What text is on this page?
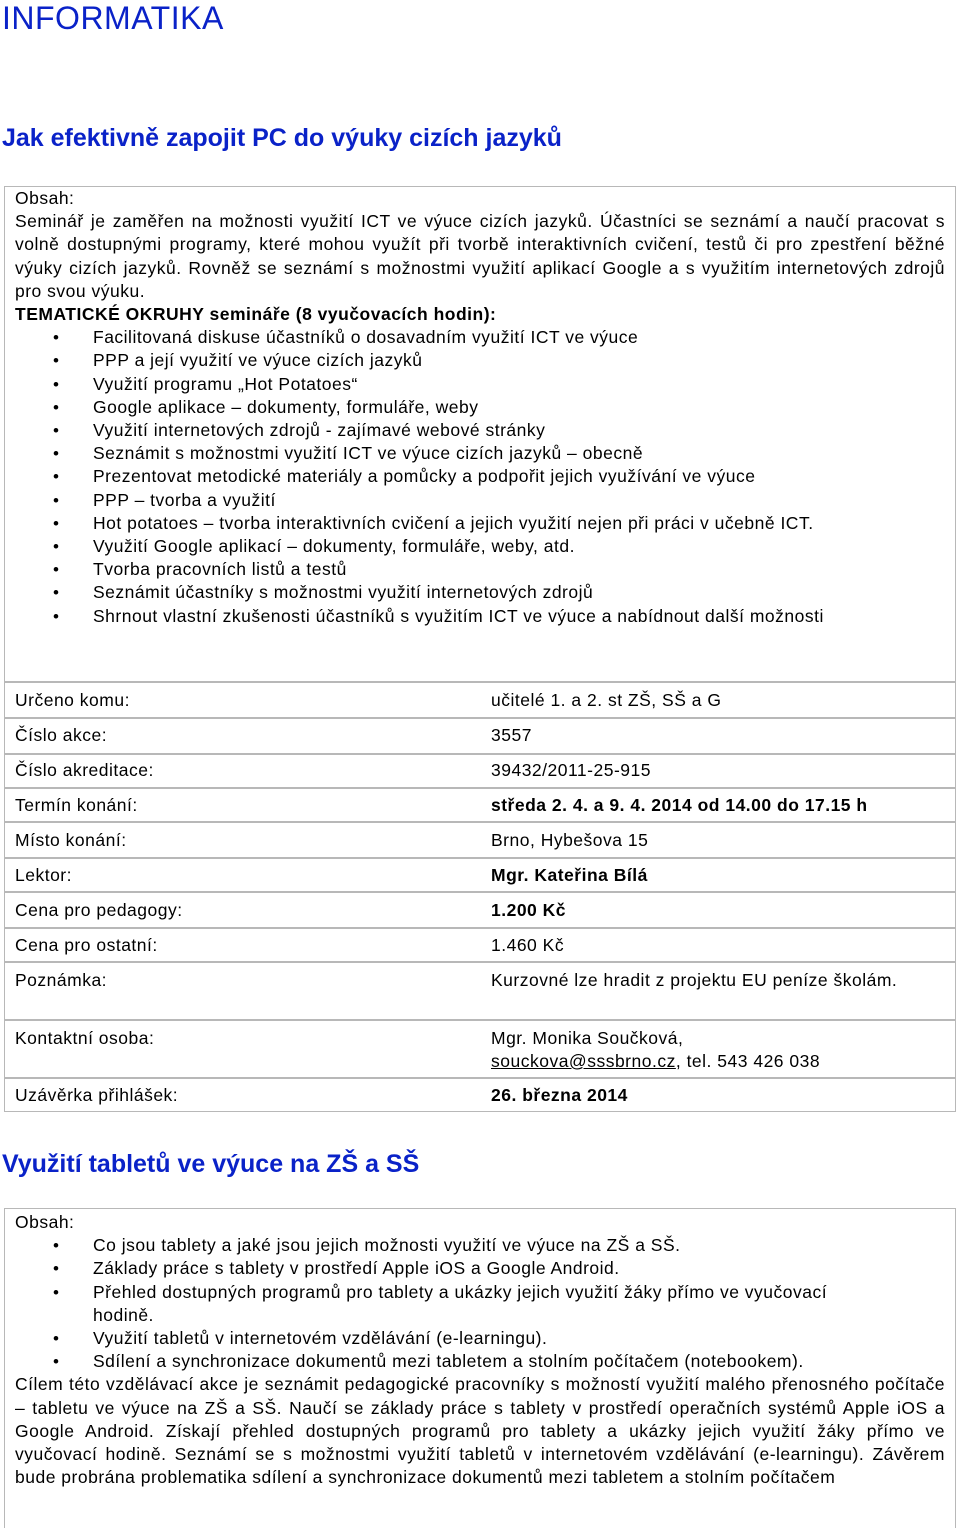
INFORMATIKA
Jak efektivně zapojit PC do výuky cizích jazyků

Obsah:

Seminář je zaměřen na možnosti využití ICT ve výuce cizích jazyků. Účastníci se seznámí a naučí pracovat s volně dostupnými programy, které mohou využít při tvorbě interaktivních cvičení, testů či pro zpestření běžné výuky cizích jazyků. Rovněž se seznámí s možnostmi využití aplikací Google a s využitím internetových zdrojů pro svou výuku.

TEMATICKÉ OKRUHY semináře (8 vyučovacích hodin):

• Facilitovaná diskuse účastníků o dosavadním využití ICT ve výuce
• PPP a její využití ve výuce cizích jazyků
• Využití programu „Hot Potatoes“
• Google aplikace – dokumenty, formuláře, weby
• Využití internetových zdrojů - zajímavé webové stránky
• Seznámit s možnostmi využití ICT ve výuce cizích jazyků – obecně
• Prezentovat metodické materiály a pomůcky a podpořit jejich využívání ve výuce
• PPP – tvorba a využití
• Hot potatoes – tvorba interaktivních cvičení a jejich využití nejen při práci v učebně ICT.
• Využití Google aplikací – dokumenty, formuláře, weby, atd.
• Tvorba pracovních listů a testů
• Seznámit účastníky s možnostmi využití internetových zdrojů
• Shrnout vlastní zkušenosti účastníků s využitím ICT ve výuce a nabídnout další možnosti
Určeno komu:	učitelé 1. a 2. st ZŠ, SŠ a G
Číslo akce:	3557
Číslo akreditace:	39432/2011-25-915
Termín konání:	středa 2. 4. a 9. 4. 2014 od 14.00 do 17.15 h
Místo konání:	Brno, Hybešova 15
Lektor:	Mgr. Kateřina Bílá
Cena pro pedagogy:	1.200 Kč
Cena pro ostatní:	1.460 Kč
Poznámka:	Kurzovné lze hradit z projektu EU peníze školám.
Kontaktní osoba:	Mgr. Monika Součková,
souckova@sssbrno.cz, tel. 543 426 038
Uzávěrka přihlášek:	26. března 2014
Využití tabletů ve výuce na ZŠ a SŠ

Obsah:

• Co jsou tablety a jaké jsou jejich možnosti využití ve výuce na ZŠ a SŠ.
• Základy práce s tablety v prostředí Apple iOS a Google Android.
• Přehled dostupných programů pro tablety a ukázky jejich využití žáky přímo ve vyučovací hodině.
• Využití tabletů v internetovém vzdělávání (e-learningu).
• Sdílení a synchronizace dokumentů mezi tabletem a stolním počítačem (notebookem).

Cílem této vzdělávací akce je seznámit pedagogické pracovníky s možností využití malého přenosného počítače – tabletu ve výuce na ZŠ a SŠ. Naučí se základy práce s tablety v prostředí operačních systémů Apple iOS a Google Android. Získají přehled dostupných programů pro tablety a ukázky jejich využití žáky přímo ve vyučovací hodině. Seznámí se s možnostmi využití tabletů v internetovém vzdělávání (e-learningu). Závěrem bude probrána problematika sdílení a synchronizace dokumentů mezi tabletem a stolním počítačem
